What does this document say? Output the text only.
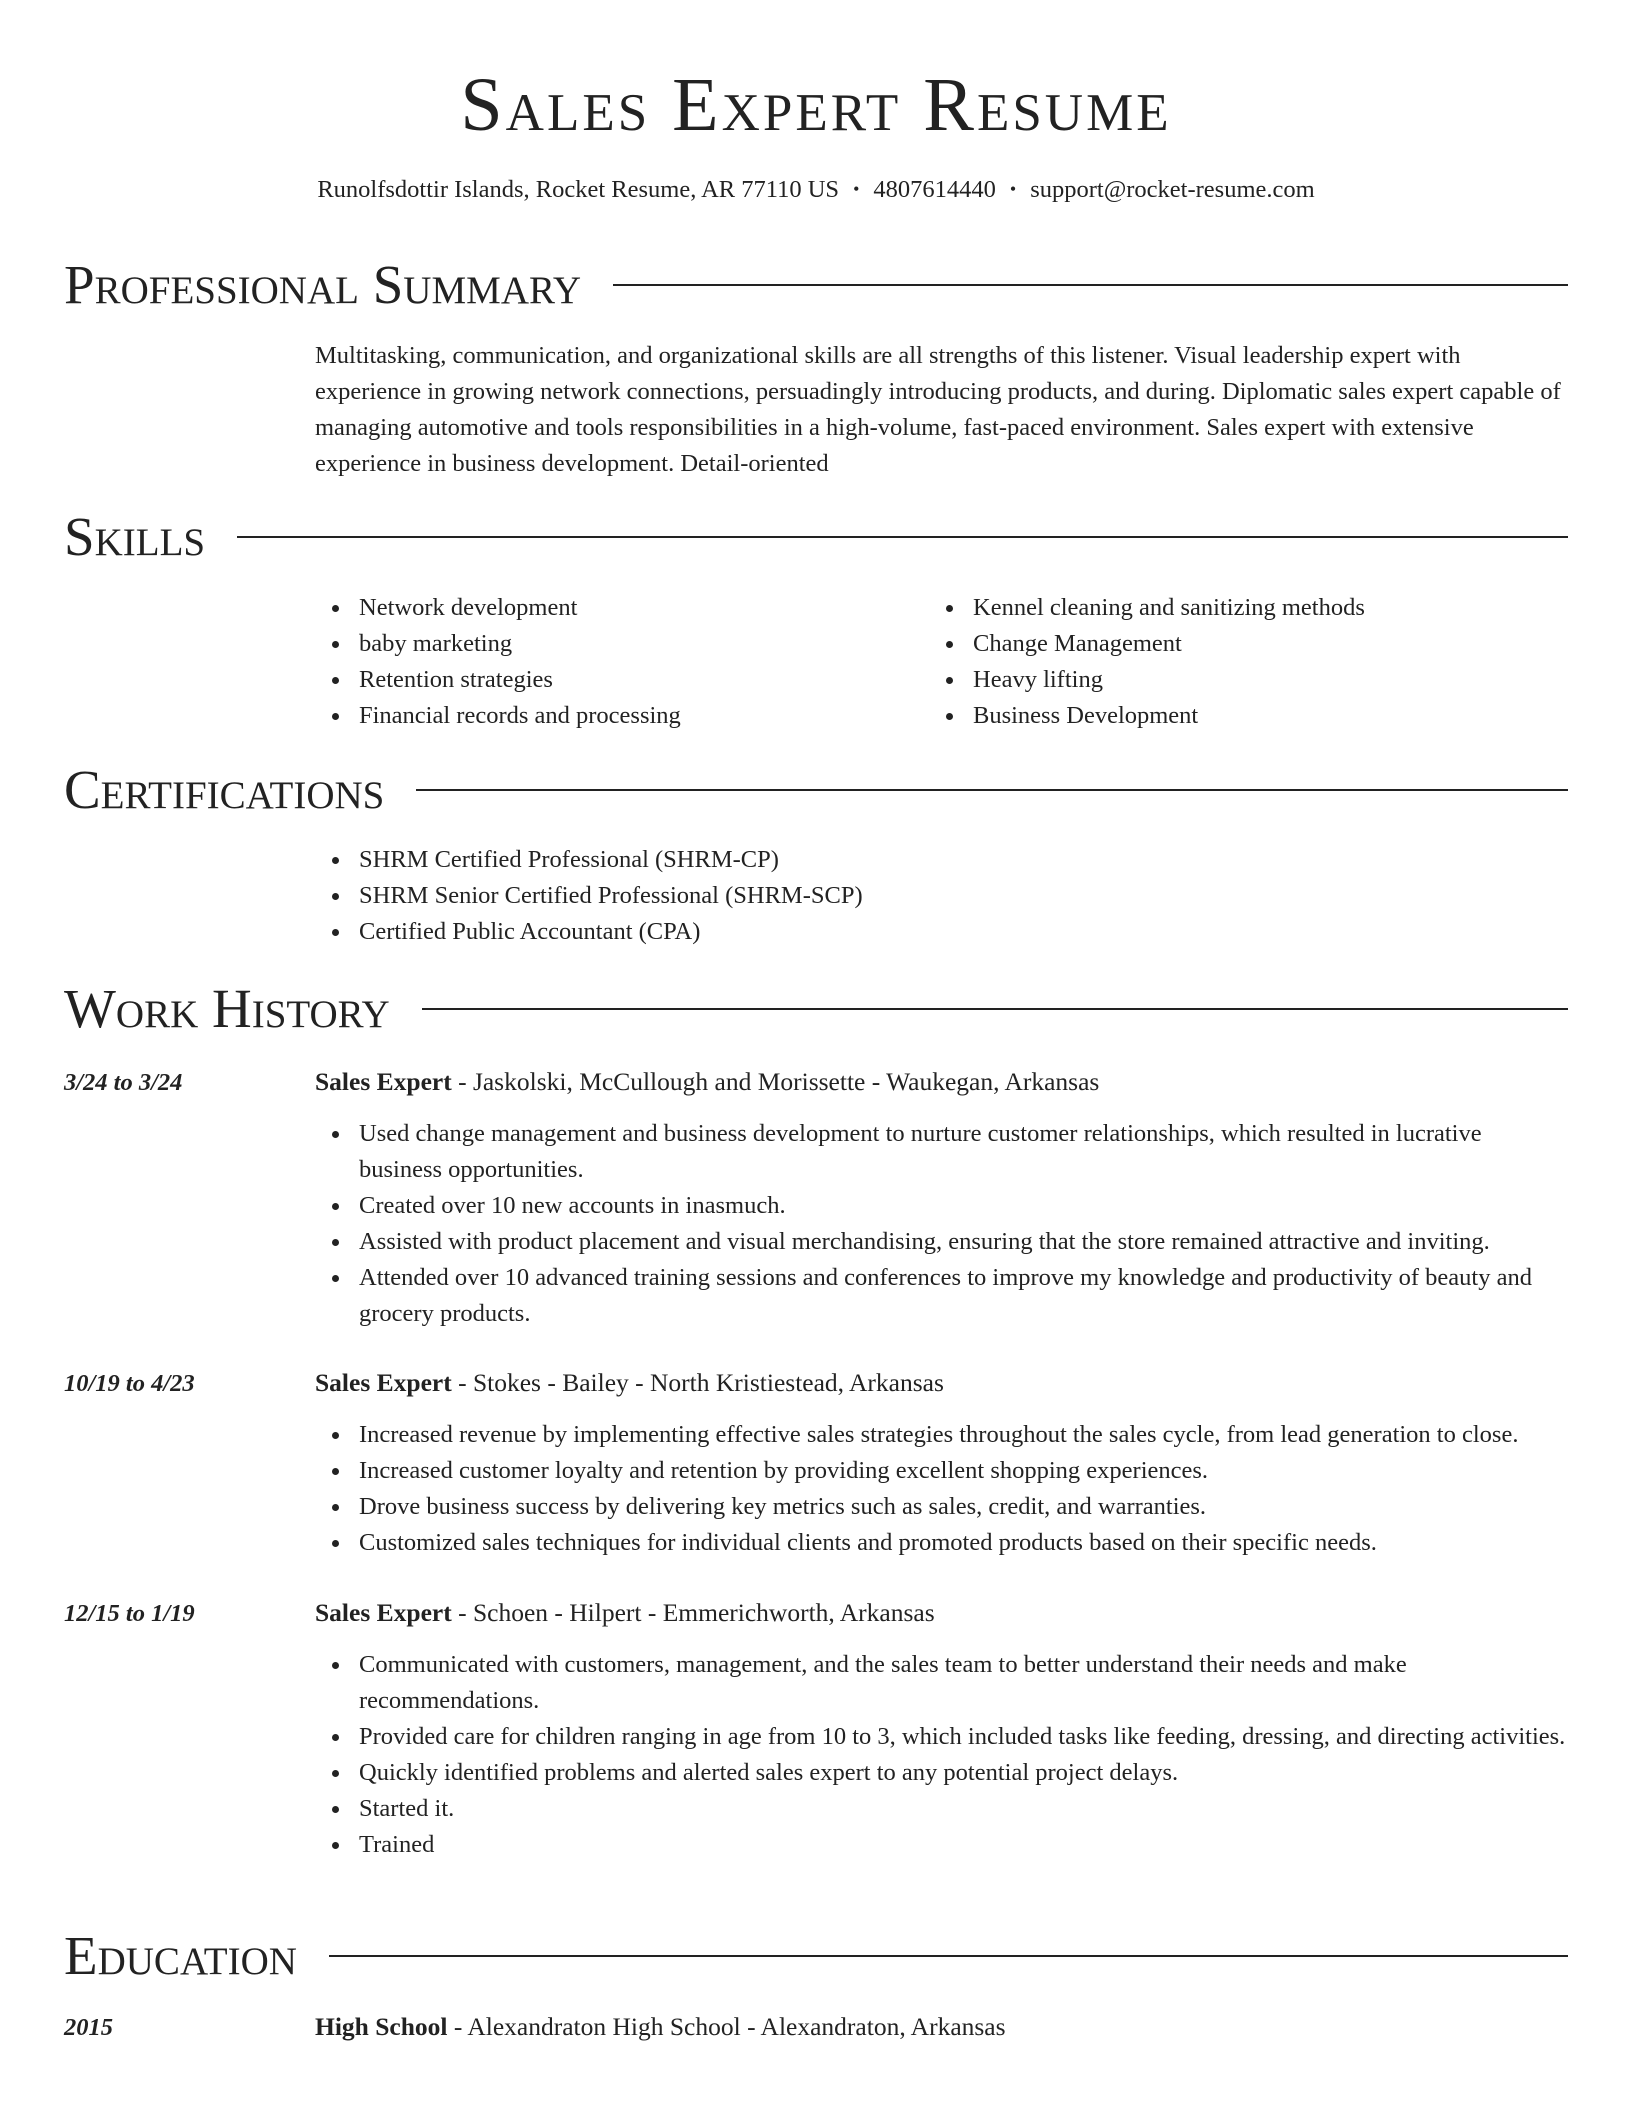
Sales Expert Resume
Runolfsdottir Islands, Rocket Resume, AR 77110 US • 4807614440 • support@rocket-resume.com
Professional Summary

Multitasking, communication, and organizational skills are all strengths of this listener. Visual leadership expert with experience in growing network connections, persuadingly introducing products, and during. Diplomatic sales expert capable of managing automotive and tools responsibilities in a high-volume, fast-paced environment. Sales expert with extensive experience in business development. Detail-oriented

Skills
Network development
baby marketing
Retention strategies
Financial records and processing
Kennel cleaning and sanitizing methods
Change Management
Heavy lifting
Business Development
Certifications
SHRM Certified Professional (SHRM-CP)
SHRM Senior Certified Professional (SHRM-SCP)
Certified Public Accountant (CPA)
Work History
3/24 to 3/24	Sales Expert - Jaskolski, McCullough and Morissette - Waukegan, Arkansas
Used change management and business development to nurture customer relationships, which resulted in lucrative business opportunities.
Created over 10 new accounts in inasmuch.
Assisted with product placement and visual merchandising, ensuring that the store remained attractive and inviting.
Attended over 10 advanced training sessions and conferences to improve my knowledge and productivity of beauty and grocery products.
10/19 to 4/23	Sales Expert - Stokes - Bailey - North Kristiestead, Arkansas
Increased revenue by implementing effective sales strategies throughout the sales cycle, from lead generation to close.
Increased customer loyalty and retention by providing excellent shopping experiences.
Drove business success by delivering key metrics such as sales, credit, and warranties.
Customized sales techniques for individual clients and promoted products based on their specific needs.
12/15 to 1/19	Sales Expert - Schoen - Hilpert - Emmerichworth, Arkansas
Communicated with customers, management, and the sales team to better understand their needs and make recommendations.
Provided care for children ranging in age from 10 to 3, which included tasks like feeding, dressing, and directing activities.
Quickly identified problems and alerted sales expert to any potential project delays.
Started it.
Trained
Education
2015	High School - Alexandraton High School - Alexandraton, Arkansas
